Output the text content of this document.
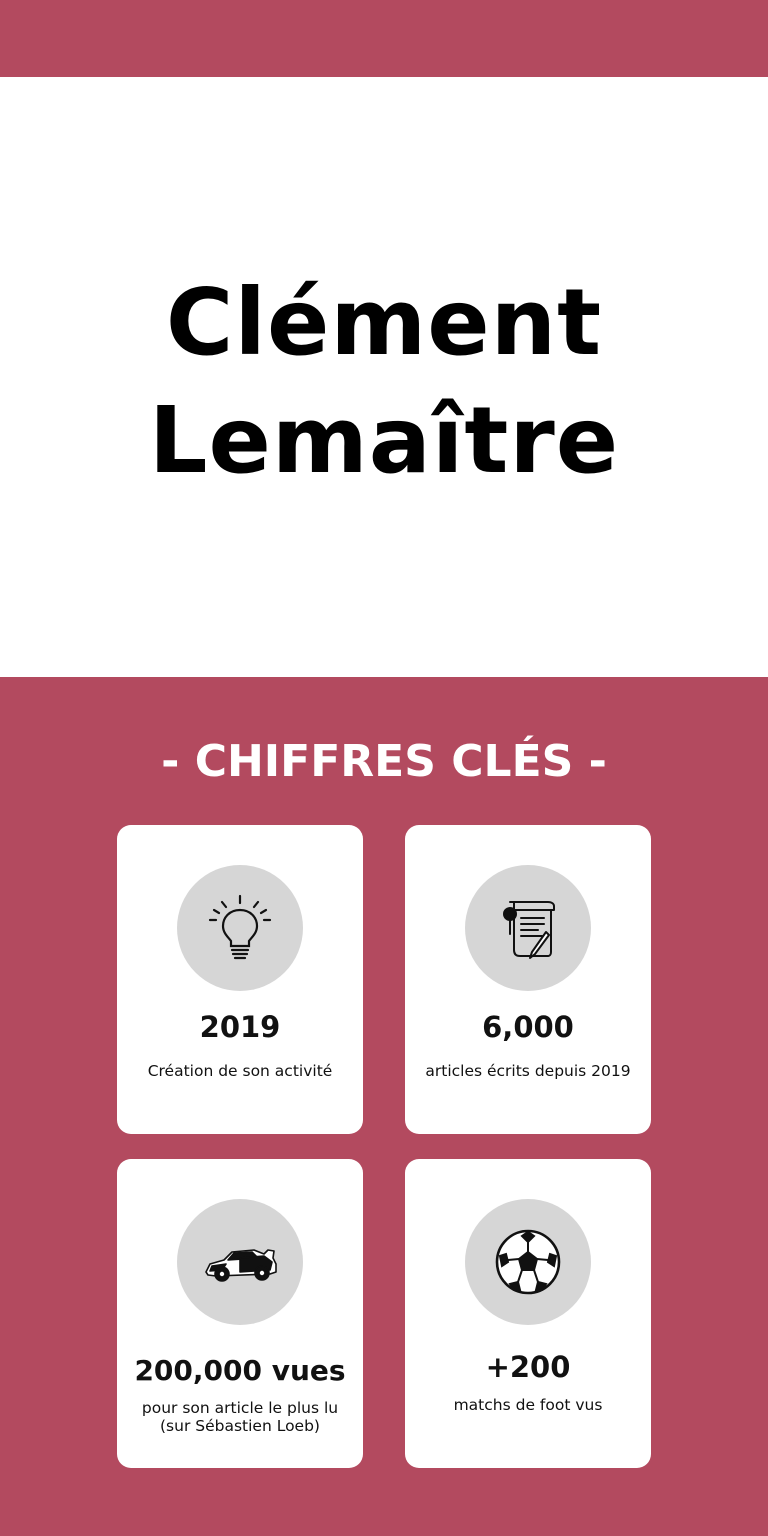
Clément
Lemaître
- CHIFFRES CLÉS -
2019
Création de son activité
6,000
articles écrits depuis 2019
200,000 vues
pour son article le plus lu (sur Sébastien Loeb)
+200
matchs de foot vus
